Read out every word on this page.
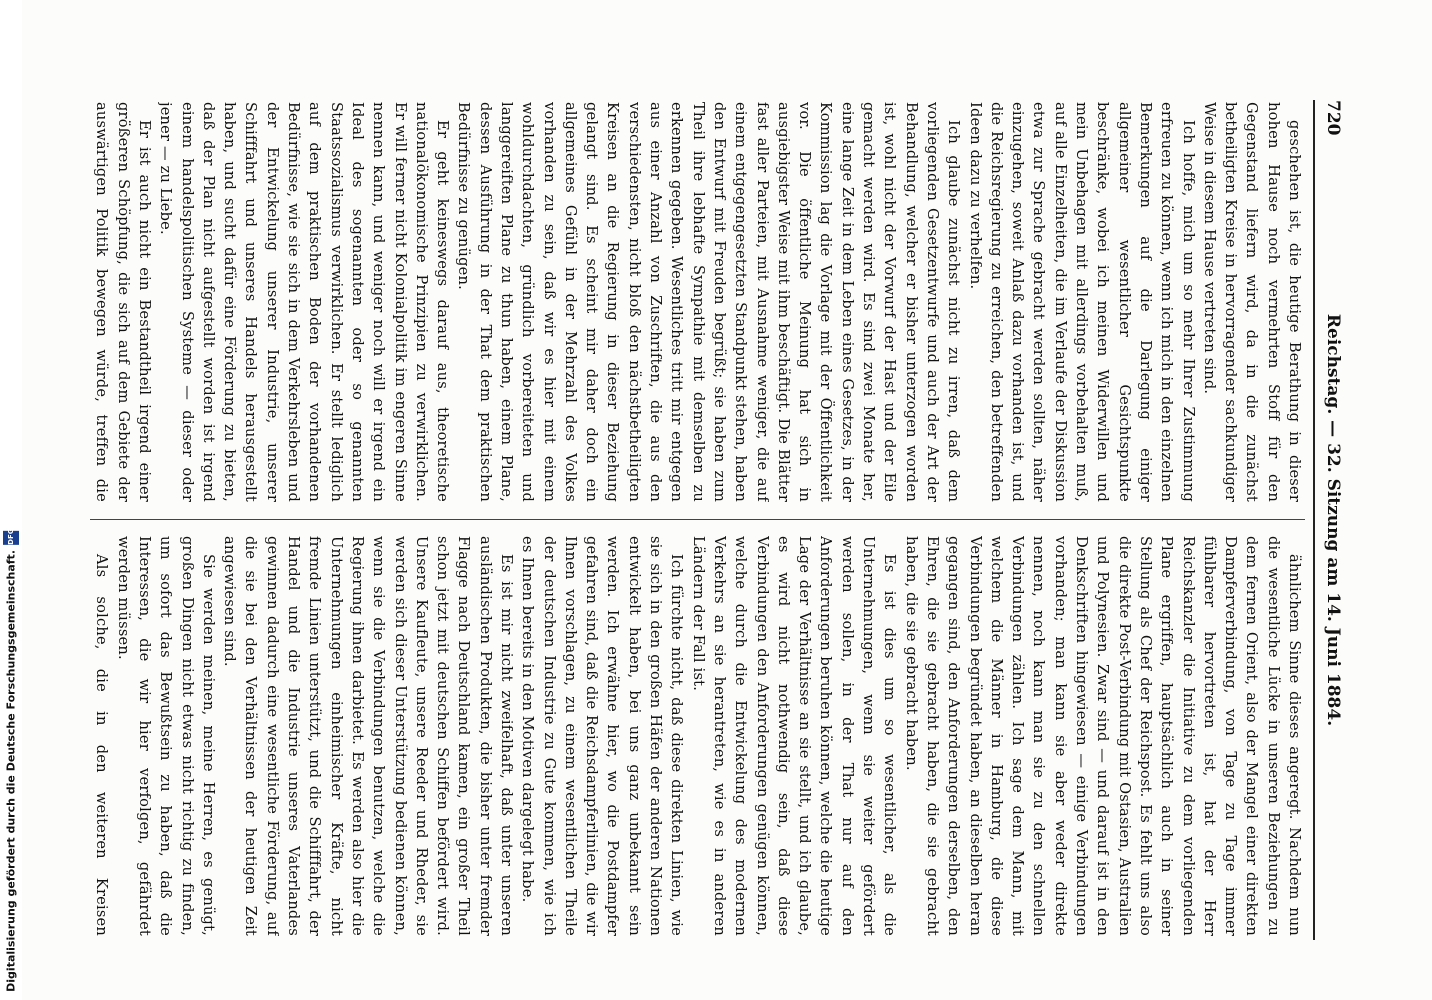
720
Reichstag. — 32. Sitzung am 14. Juni 1884.

geschehen ist, die heutige Berathung in dieser hohen Hause noch vermehrten Stoff für den Gegenstand liefern wird, da in die zunächst betheiligten Kreise in hervorragender sachkundiger Weise in diesem Hause vertreten sind.

Ich hoffe, mich um so mehr Ihrer Zustimmung erfreuen zu können, wenn ich mich in den einzelnen Bemerkungen auf die Darlegung einiger allgemeiner wesentlicher Gesichtspunkte beschränke, wobei ich meinen Widerwillen und mein Unbehagen mit allerdings vorbehalten muß, auf alle Einzelheiten, die im Verlaufe der Diskussion etwa zur Sprache gebracht werden sollten, näher einzugehen, soweit Anlaß dazu vorhanden ist, und die Reichsregierung zu erreichen, den betreffenden Ideen dazu zu verhelfen.

Ich glaube zunächst nicht zu irren, daß dem vorliegenden Gesetzentwurfe und auch der Art der Behandlung, welcher er bisher unterzogen worden ist, wohl nicht der Vorwurf der Hast und der Eile gemacht werden wird. Es sind zwei Monate her, eine lange Zeit in dem Leben eines Gesetzes, in der Kommission lag die Vorlage mit der Öffentlichkeit vor. Die öffentliche Meinung hat sich in ausgiebigster Weise mit ihm beschäftigt. Die Blätter fast aller Parteien, mit Ausnahme weniger, die auf einem entgegengesetzten Standpunkt stehen, haben den Entwurf mit Freuden begrüßt; sie haben zum Theil ihre lebhafte Sympathie mit demselben zu erkennen gegeben. Wesentliches tritt mir entgegen aus einer Anzahl von Zuschriften, die aus den verschiedensten, nicht bloß den nächstbetheiligten Kreisen an die Regierung in dieser Beziehung gelangt sind. Es scheint mir daher doch ein allgemeines Gefühl in der Mehrzahl des Volkes vorhanden zu sein, daß wir es hier mit einem wohldurchdachten, gründlich vorbereiteten und langgereiften Plane zu thun haben, einem Plane, dessen Ausführung in der That dem praktischen Bedürfnisse zu genügen.

Er geht keineswegs darauf aus, theoretische nationalökonomische Prinzipien zu verwirklichen. Er will ferner nicht Kolonialpolitik im engeren Sinne nennen kann, und weniger noch will er irgend ein Ideal des sogenannten oder so genannten Staatssozialismus verwirklichen. Er stellt lediglich auf dem praktischen Boden der vorhandenen Bedürfnisse, wie sie sich in dem Verkehrsleben und der Entwickelung unserer Industrie, unserer Schifffahrt und unseres Handels herausgestellt haben, und sucht dafür eine Förderung zu bieten, daß der Plan nicht aufgestellt worden ist irgend einem handelspolitischen Systeme — dieser oder jener — zu Liebe.

Er ist auch nicht ein Bestandtheil irgend einer größeren Schöpfung, die sich auf dem Gebiete der auswärtigen Politik bewegen würde, treffen die

ähnlichem Sinne dieses angeregt. Nachdem nun die wesentliche Lücke in unseren Beziehungen zu dem fernen Orient, also der Mangel einer direkten Dampferverbindung, von Tage zu Tage immer fühlbarer hervortreten ist, hat der Herr Reichskanzler die Initiative zu dem vorliegenden Plane ergriffen, hauptsächlich auch in seiner Stellung als Chef der Reichspost. Es fehlt uns also die direkte Post-Verbindung mit Ostasien, Australien und Polynesien. Zwar sind — und darauf ist in den Denkschriften hingewiesen — einige Verbindungen vorhanden; man kann sie aber weder direkte nennen, noch kann man sie zu den schnellen Verbindungen zählen. Ich sage dem Mann, mit welchem die Männer in Hamburg, die diese Verbindungen begründet haben, an dieselben heran gegangen sind, den Anforderungen derselben, den Ehren, die sie gebracht haben, die sie gebracht haben, die sie gebracht haben.

Es ist dies um so wesentlicher, als die Unternehmungen, wenn sie weiter gefördert werden sollen, in der That nur auf den Anforderungen beruhen können, welche die heutige Lage der Verhältnisse an sie stellt, und ich glaube, es wird nicht nothwendig sein, daß diese Verbindungen den Anforderungen genügen können, welche durch die Entwickelung des modernen Verkehrs an sie herantreten, wie es in anderen Ländern der Fall ist.

Ich fürchte nicht, daß diese direkten Linien, wie sie sich in den großen Häfen der anderen Nationen entwickelt haben, bei uns ganz unbekannt sein werden. Ich erwähne hier, wo die Postdampfer gefahren sind, daß die Reichsdampferlinien, die wir Ihnen vorschlagen, zu einem wesentlichen Theile der deutschen Industrie zu Gute kommen, wie ich es Ihnen bereits in den Motiven dargelegt habe.

Es ist mir nicht zweifelhaft, daß unter unseren ausländischen Produkten, die bisher unter fremder Flagge nach Deutschland kamen, ein großer Theil schon jetzt mit deutschen Schiffen befördert wird. Unsere Kaufleute, unsere Reeder und Rheder, sie werden sich dieser Unterstützung bedienen können, wenn sie die Verbindungen benutzen, welche die Regierung ihnen darbietet. Es werden also hier die Unternehmungen einheimischer Kräfte, nicht fremde Linien unterstützt, und die Schifffahrt, der Handel und die Industrie unseres Vaterlandes gewinnen dadurch eine wesentliche Förderung, auf die sie bei den Verhältnissen der heutigen Zeit angewiesen sind.

Sie werden meinen, meine Herren, es genügt, großen Dingen nicht etwas nicht richtig zu finden, um sofort das Bewußtsein zu haben, daß die Interessen, die wir hier verfolgen, gefährdet werden müssen.

Als solche, die in den weiteren Kreisen

Digitalisierung gefördert durch die Deutsche Forschungsgemeinschaft.
DFG
